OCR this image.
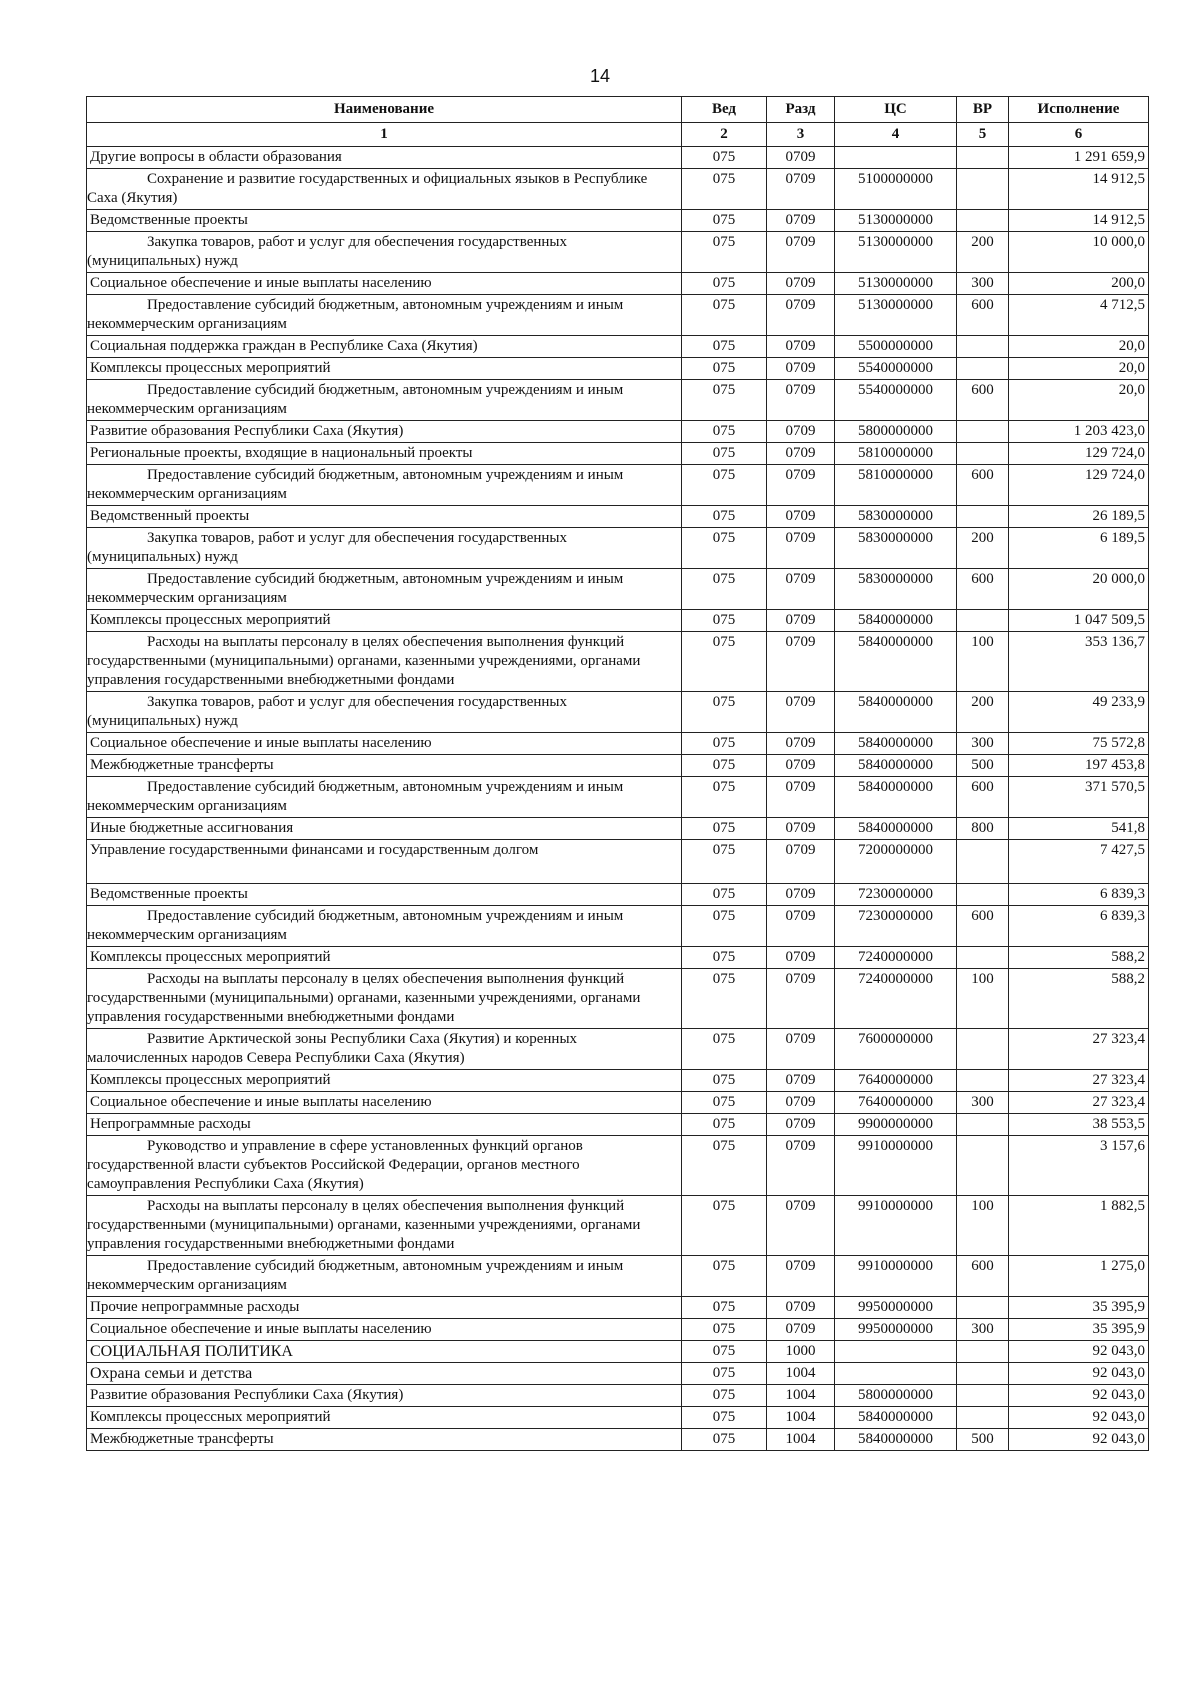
14
Наименование	Вед	Разд	ЦС	ВР	Исполнение
1	2	3	4	5	6
Другие вопросы в области образования	075	0709			1 291 659,9
Сохранение и развитие государственных и официальных языков в Республике Саха (Якутия)	075	0709	5100000000		14 912,5
Ведомственные проекты	075	0709	5130000000		14 912,5
Закупка товаров, работ и услуг для обеспечения государственных (муниципальных) нужд	075	0709	5130000000	200	10 000,0
Социальное обеспечение и иные выплаты населению	075	0709	5130000000	300	200,0
Предоставление субсидий бюджетным, автономным учреждениям и иным некоммерческим организациям	075	0709	5130000000	600	4 712,5
Социальная поддержка граждан в Республике Саха (Якутия)	075	0709	5500000000		20,0
Комплексы процессных мероприятий	075	0709	5540000000		20,0
Предоставление субсидий бюджетным, автономным учреждениям и иным некоммерческим организациям	075	0709	5540000000	600	20,0
Развитие образования Республики Саха (Якутия)	075	0709	5800000000		1 203 423,0
Региональные проекты, входящие в национальный проекты	075	0709	5810000000		129 724,0
Предоставление субсидий бюджетным, автономным учреждениям и иным некоммерческим организациям	075	0709	5810000000	600	129 724,0
Ведомственный проекты	075	0709	5830000000		26 189,5
Закупка товаров, работ и услуг для обеспечения государственных (муниципальных) нужд	075	0709	5830000000	200	6 189,5
Предоставление субсидий бюджетным, автономным учреждениям и иным некоммерческим организациям	075	0709	5830000000	600	20 000,0
Комплексы процессных мероприятий	075	0709	5840000000		1 047 509,5
Расходы на выплаты персоналу в целях обеспечения выполнения функций государственными (муниципальными) органами, казенными учреждениями, органами управления государственными внебюджетными фондами	075	0709	5840000000	100	353 136,7
Закупка товаров, работ и услуг для обеспечения государственных (муниципальных) нужд	075	0709	5840000000	200	49 233,9
Социальное обеспечение и иные выплаты населению	075	0709	5840000000	300	75 572,8
Межбюджетные трансферты	075	0709	5840000000	500	197 453,8
Предоставление субсидий бюджетным, автономным учреждениям и иным некоммерческим организациям	075	0709	5840000000	600	371 570,5
Иные бюджетные ассигнования	075	0709	5840000000	800	541,8
Управление государственными финансами и государственным долгом	075	0709	7200000000		7 427,5
Ведомственные проекты	075	0709	7230000000		6 839,3
Предоставление субсидий бюджетным, автономным учреждениям и иным некоммерческим организациям	075	0709	7230000000	600	6 839,3
Комплексы процессных мероприятий	075	0709	7240000000		588,2
Расходы на выплаты персоналу в целях обеспечения выполнения функций государственными (муниципальными) органами, казенными учреждениями, органами управления государственными внебюджетными фондами	075	0709	7240000000	100	588,2
Развитие Арктической зоны Республики Саха (Якутия) и коренных малочисленных народов Севера Республики Саха (Якутия)	075	0709	7600000000		27 323,4
Комплексы процессных мероприятий	075	0709	7640000000		27 323,4
Социальное обеспечение и иные выплаты населению	075	0709	7640000000	300	27 323,4
Непрограммные расходы	075	0709	9900000000		38 553,5
Руководство и управление в сфере установленных функций органов государственной власти субъектов Российской Федерации, органов местного самоуправления Республики Саха (Якутия)	075	0709	9910000000		3 157,6
Расходы на выплаты персоналу в целях обеспечения выполнения функций государственными (муниципальными) органами, казенными учреждениями, органами управления государственными внебюджетными фондами	075	0709	9910000000	100	1 882,5
Предоставление субсидий бюджетным, автономным учреждениям и иным некоммерческим организациям	075	0709	9910000000	600	1 275,0
Прочие непрограммные расходы	075	0709	9950000000		35 395,9
Социальное обеспечение и иные выплаты населению	075	0709	9950000000	300	35 395,9
СОЦИАЛЬНАЯ ПОЛИТИКА	075	1000			92 043,0
Охрана семьи и детства	075	1004			92 043,0
Развитие образования Республики Саха (Якутия)	075	1004	5800000000		92 043,0
Комплексы процессных мероприятий	075	1004	5840000000		92 043,0
Межбюджетные трансферты	075	1004	5840000000	500	92 043,0
